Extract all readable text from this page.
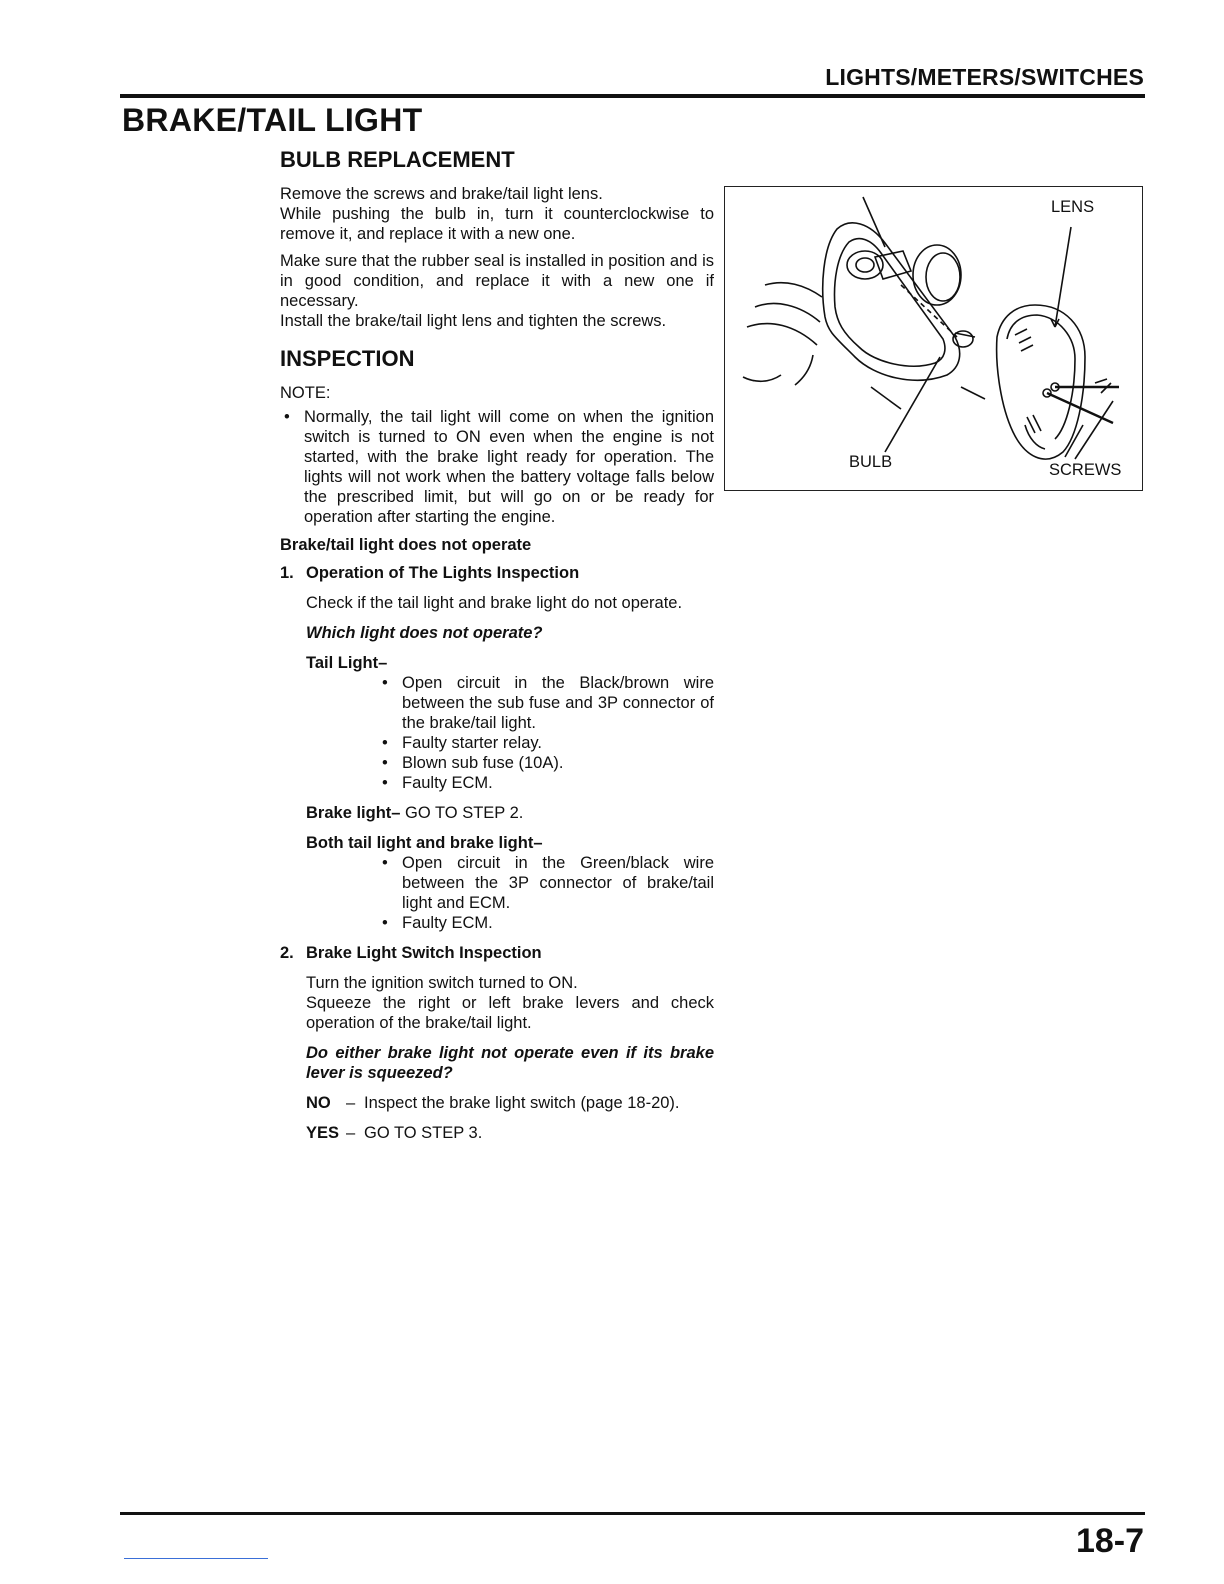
LIGHTS/METERS/SWITCHES
BRAKE/TAIL LIGHT
BULB REPLACEMENT

Remove the screws and brake/tail light lens.

While pushing the bulb in, turn it counterclockwise to remove it, and replace it with a new one.

Make sure that the rubber seal is installed in position and is in good condition, and replace it with a new one if necessary.

Install the brake/tail light lens and tighten the screws.

INSPECTION
NOTE:
• Normally, the tail light will come on when the ignition switch is turned to ON even when the engine is not started, with the brake light ready for operation. The lights will not work when the battery voltage falls below the prescribed limit, but will go on or be ready for operation after starting the engine.
Brake/tail light does not operate
1. Operation of The Lights Inspection
Check if the tail light and brake light do not operate.
Which light does not operate?
Tail Light–
• Open circuit in the Black/brown wire between the sub fuse and 3P connector of the brake/tail light.
• Faulty starter relay.
• Blown sub fuse (10A).
• Faulty ECM.
Brake light– GO TO STEP 2.
Both tail light and brake light–
• Open circuit in the Green/black wire between the 3P connector of brake/tail light and ECM.
• Faulty ECM.
2. Brake Light Switch Inspection
Turn the ignition switch turned to ON.
Squeeze the right or left brake levers and check operation of the brake/tail light.
Do either brake light not operate even if its brake lever is squeezed?
NO – Inspect the brake light switch (page 18-20).
YES – GO TO STEP 3.
LENS
BULB	SCREWS
18-7
